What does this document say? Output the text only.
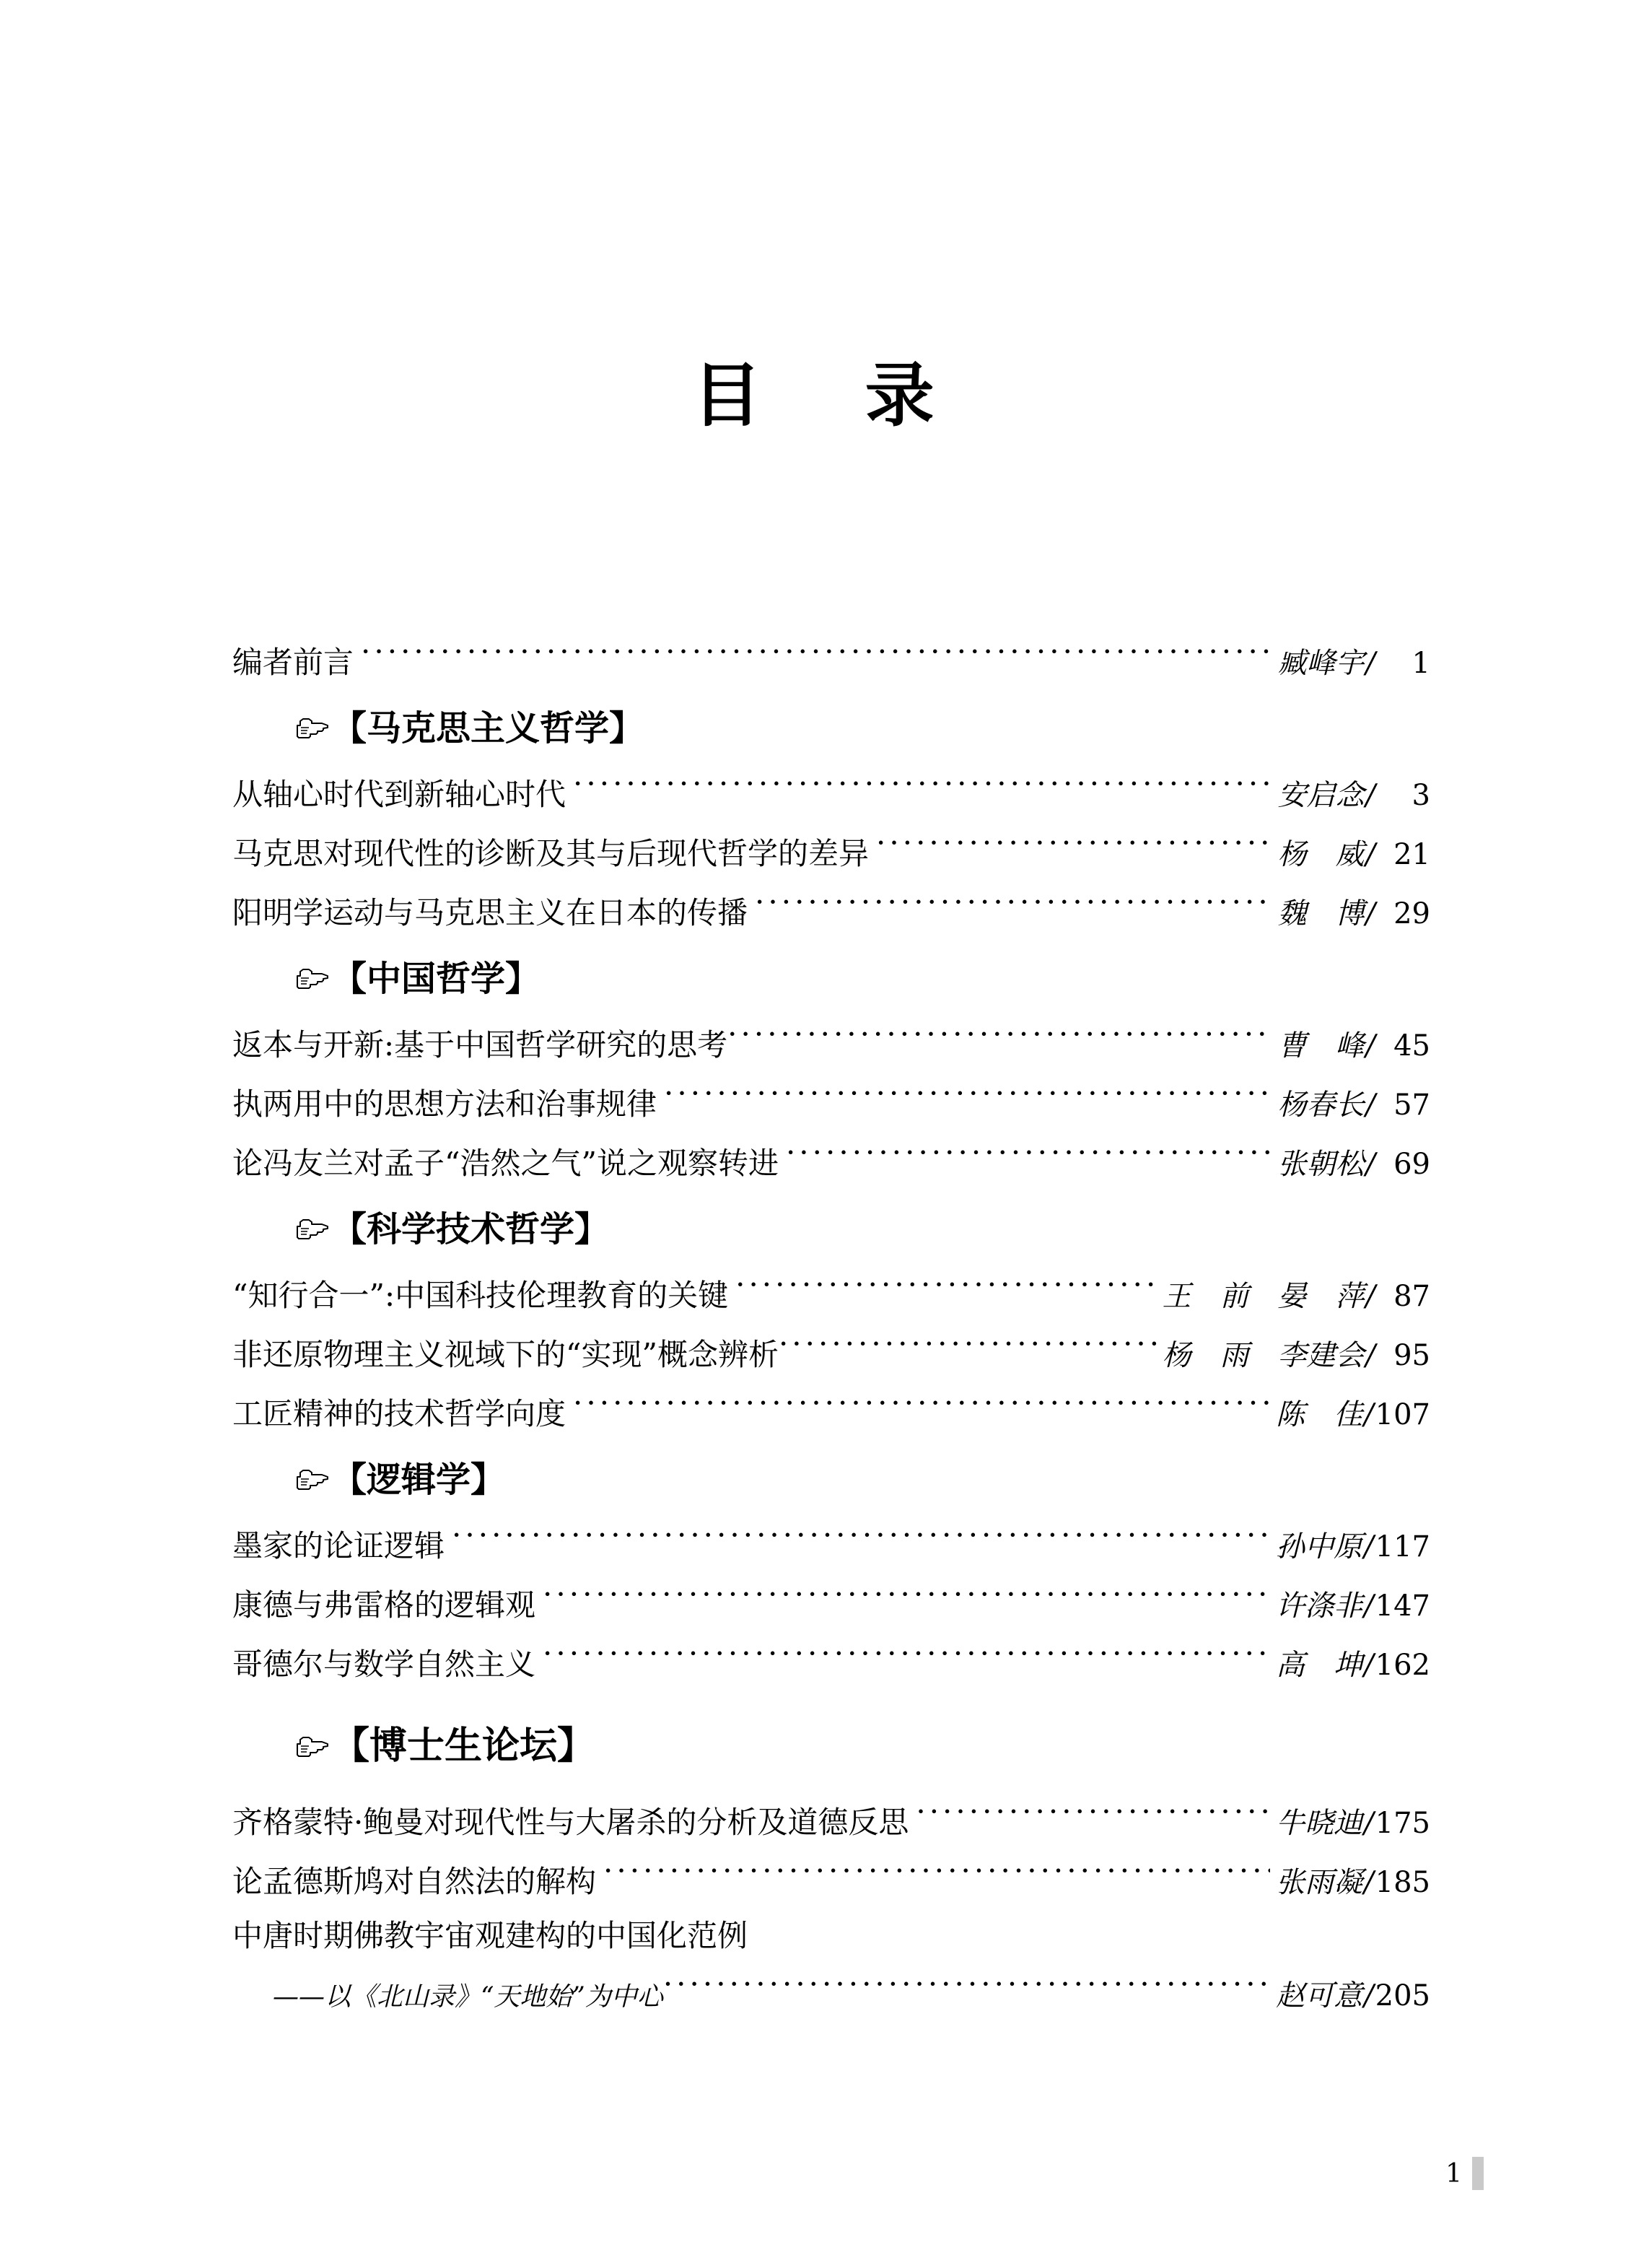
目    录
编者前言 ·····	臧峰宇 /	1
【马克思主义哲学】
从轴心时代到新轴心时代 ·····	安启念 /	3
马克思对现代性的诊断及其与后现代哲学的差异 ·····	杨　威 / 21
阳明学运动与马克思主义在日本的传播 ·····	魏　博 / 29
【中国哲学】
返本与开新:基于中国哲学研究的思考 ·····	曹　峰 / 45
执两用中的思想方法和治事规律 ·····	杨春长 / 57
论冯友兰对孟子“浩然之气”说之观察转进 ·····	张朝松 / 69
【科学技术哲学】
“知行合一”:中国科技伦理教育的关键 ·····	王　前　晏　萍 / 87
非还原物理主义视域下的“实现”概念辨析 ·····	杨　雨　李建会 / 95
工匠精神的技术哲学向度 ·····	陈　佳 / 107
【逻辑学】
墨家的论证逻辑 ·····	孙中原 / 117
康德与弗雷格的逻辑观 ·····	许涤非 / 147
哥德尔与数学自然主义 ·····	高　坤 / 162
【博士生论坛】
齐格蒙特·鲍曼对现代性与大屠杀的分析及道德反思 ·····	牛晓迪 / 175
论孟德斯鸠对自然法的解构 ·····	张雨凝 / 185
中唐时期佛教宇宙观建构的中国化范例
——以《北山录》“天地始”为中心 ·····	赵可意 / 205
1
